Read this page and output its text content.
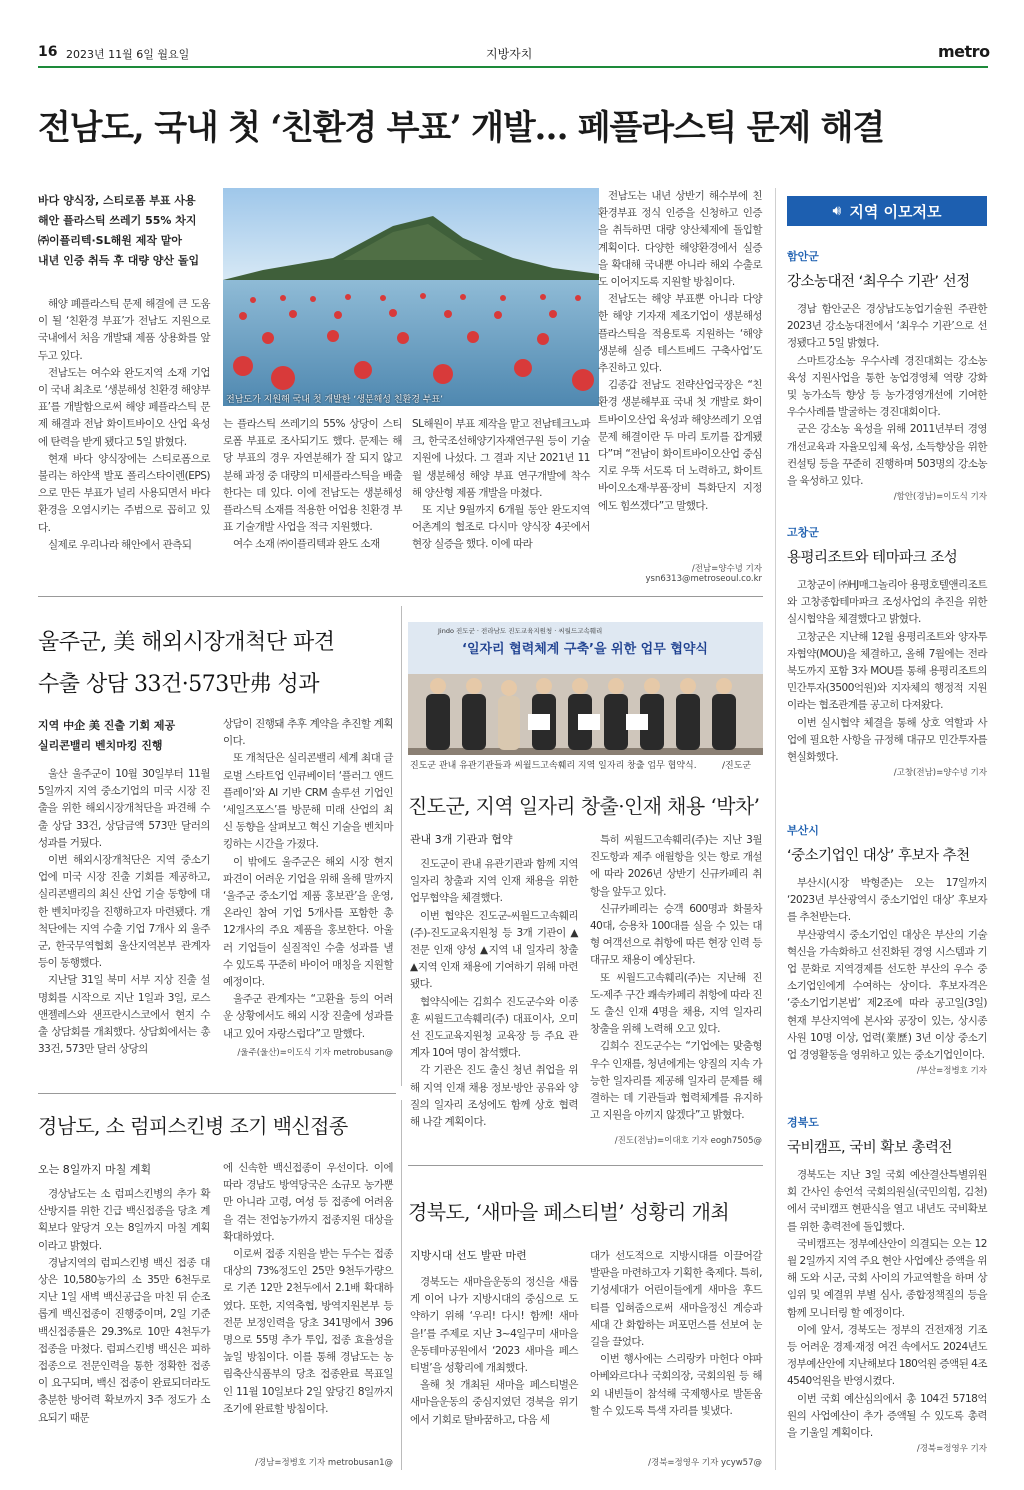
16 2023년 11월 6일 월요일	지방자치	metro
전남도, 국내 첫 ‘친환경 부표’ 개발… 페플라스틱 문제 해결
바다 양식장, 스티로폼 부표 사용
해안 플라스틱 쓰레기 55% 차지
㈜이플리텍·SL해원 제작 맡아
내년 인증 취득 후 대량 양산 돌입

해양 폐플라스틱 문제 해결에 큰 도움이 될 ‘친환경 부표’가 전남도 지원으로 국내에서 처음 개발돼 제품 상용화를 앞두고 있다.

전남도는 여수와 완도지역 소재 기업이 국내 최초로 ‘생분해성 친환경 해양부표’를 개발함으로써 해양 페플라스틱 문제 해결과 전남 화이트바이오 산업 육성에 탄력을 받게 됐다고 5일 밝혔다.

현재 바다 양식장에는 스티로폼으로 불리는 하얀색 발포 폴리스타이렌(EPS)으로 만든 부표가 널리 사용되면서 바다 환경을 오염시키는 주범으로 꼽히고 있다.

실제로 우리나라 해안에서 관측되

전남도가 지원해 국내 첫 개발한 ‘생분해성 친환경 부표’

는 플라스틱 쓰레기의 55% 상당이 스티로폼 부표로 조사되기도 했다. 문제는 해당 부표의 경우 자연분해가 잘 되지 않고 분해 과정 중 대량의 미세플라스틱을 배출한다는 데 있다. 이에 전남도는 생분해성 플라스틱 소재를 적용한 어업용 친환경 부표 기술개발 사업을 적극 지원했다.

여수 소재 ㈜이플리텍과 완도 소재

SL해원이 부표 제작을 맡고 전남테크노파크, 한국조선해양기자재연구원 등이 기술 지원에 나섰다. 그 결과 지난 2021년 11월 생분해성 해양 부표 연구개발에 착수해 양산형 제품 개발을 마쳤다.

또 지난 9월까지 6개월 동안 완도지역 어촌계의 협조로 다시마 양식장 4곳에서 현장 실증을 했다. 이에 따라

전남도는 내년 상반기 해수부에 친환경부표 정식 인증을 신청하고 인증을 취득하면 대량 양산체제에 돌입할 계획이다. 다양한 해양환경에서 실증을 확대해 국내뿐 아니라 해외 수출로도 이어지도록 지원할 방침이다.

전남도는 해양 부표뿐 아니라 다양한 해양 기자재 제조기업이 생분해성 플라스틱을 적용토록 지원하는 ‘해양생분해 실증 테스트베드 구축사업’도 추진하고 있다.

김종갑 전남도 전략산업국장은 “친환경 생분해부표 국내 첫 개발로 화이트바이오산업 육성과 해양쓰레기 오염 문제 해결이란 두 마리 토끼를 잡게됐다”며 “전남이 화이트바이오산업 중심지로 우뚝 서도록 더 노력하고, 화이트바이오소재·부품·장비 특화단지 지정에도 힘쓰겠다”고 말했다.

/전남=양수녕 기자 ysn6313@metroseoul.co.kr
울주군, 美 해외시장개척단 파견
수출 상담 33건·573만弗 성과
지역 中企 美 진출 기회 제공
실리콘밸리 벤치마킹 진행

울산 울주군이 10월 30일부터 11월 5일까지 지역 중소기업의 미국 시장 진출을 위한 해외시장개척단을 파견해 수출 상담 33건, 상담금액 573만 달러의 성과를 거뒀다.

이번 해외시장개척단은 지역 중소기업에 미국 시장 진출 기회를 제공하고, 실리콘밸리의 최신 산업 기술 동향에 대한 벤치마킹을 진행하고자 마련됐다. 개척단에는 지역 수출 기업 7개사 외 울주군, 한국무역협회 울산지역본부 관계자 등이 동행했다.

지난달 31일 북미 서부 지상 진출 설명회를 시작으로 지난 1일과 3일, 로스앤젤레스와 샌프란시스코에서 현지 수출 상담회를 개최했다. 상담회에서는 총 33건, 573만 달러 상당의

상담이 진행돼 추후 계약을 추진할 계획이다.

또 개척단은 실리콘밸리 세계 최대 글로벌 스타트업 인큐베이터 ‘플러그 앤드 플레이’와 AI 기반 CRM 솔루션 기업인 ‘세일즈포스’를 방문해 미래 산업의 최신 동향을 살펴보고 혁신 기술을 벤치마킹하는 시간을 가졌다.

이 밖에도 울주군은 해외 시장 현지 파견이 어려운 기업을 위해 올해 말까지 ‘울주군 중소기업 제품 홍보관’을 운영, 온라인 참여 기업 5개사를 포함한 총 12개사의 주요 제품을 홍보한다. 아울러 기업들이 실질적인 수출 성과를 낼 수 있도록 꾸준히 바이어 매칭을 지원할 예정이다.

울주군 관계자는 “고환율 등의 어려운 상황에서도 해외 시장 진출에 성과를 내고 있어 자랑스럽다”고 말했다.

/울주(울산)=이도식 기자 metrobusan@
Jindo 진도군 · 전라남도 진도교육지원청 · 씨월드고속훼리
‘일자리 협력체계 구축’을 위한 업무 협약식
진도군 관내 유관기관들과 씨월드고속훼리 지역 일자리 창출 업무 협약식.	/진도군
진도군, 지역 일자리 창출·인재 채용 ‘박차’
관내 3개 기관과 협약

진도군이 관내 유관기관과 함께 지역 일자리 창출과 지역 인재 채용을 위한 업무협약을 체결했다.

이번 협약은 진도군-씨월드고속훼리(주)-진도교육지원청 등 3개 기관이 ▲전문 인재 양성 ▲지역 내 일자리 창출 ▲지역 인재 채용에 기여하기 위해 마련됐다.

협약식에는 김희수 진도군수와 이종훈 씨월드고속훼리(주) 대표이사, 오미선 진도교육지원청 교육장 등 주요 관계자 10여 명이 참석했다.

각 기관은 진도 출신 청년 취업을 위해 지역 인재 채용 정보·방안 공유와 양질의 일자리 조성에도 함께 상호 협력해 나갈 계획이다.

특히 씨월드고속훼리(주)는 지난 3월 진도항과 제주 애월항을 잇는 항로 개설에 따라 2026년 상반기 신규카페리 취항을 앞두고 있다.

신규카페리는 승객 600명과 화물차 40대, 승용차 100대를 실을 수 있는 대형 여객선으로 취항에 따른 현장 인력 등 대규모 채용이 예상된다.

또 씨월드고속훼리(주)는 지난해 진도-제주 구간 쾌속카페리 취항에 따라 진도 출신 인재 4명을 채용, 지역 일자리 창출을 위해 노력해 오고 있다.

김희수 진도군수는 “기업에는 맞춤형 우수 인재를, 청년에게는 양질의 지속 가능한 일자리를 제공해 일자리 문제를 해결하는 데 기관들과 협력체계를 유지하고 지원을 아끼지 않겠다”고 밝혔다.

/진도(전남)=이대호 기자 eogh7505@
경남도, 소 럼피스킨병 조기 백신접종
오는 8일까지 마칠 계획

경상남도는 소 럼피스킨병의 추가 확산방지를 위한 긴급 백신접종을 당초 계획보다 앞당겨 오는 8일까지 마칠 계획이라고 밝혔다.

경남지역의 럼피스킨병 백신 접종 대상은 10,580농가의 소 35만 6천두로 지난 1일 새벽 백신공급을 마친 뒤 순조롭게 백신접종이 진행중이며, 2일 기준 백신접종률은 29.3%로 10만 4천두가 접종을 마쳤다. 럼피스킨병 백신은 피하접종으로 전문인력을 통한 정확한 접종이 요구되며, 백신 접종이 완료되더라도 충분한 방어력 확보까지 3주 정도가 소요되기 때문

에 신속한 백신접종이 우선이다. 이에 따라 경남도 방역당국은 소규모 농가뿐만 아니라 고령, 여성 등 접종에 어려움을 겪는 전업농가까지 접종지원 대상을 확대하였다.

이로써 접종 지원을 받는 두수는 접종대상의 73%정도인 25만 9천두가량으로 기존 12만 2천두에서 2.1배 확대하였다. 또한, 지역축협, 방역지원본부 등 전문 보정인력을 당초 341명에서 396명으로 55명 추가 투입, 접종 효율성을 높일 방침이다. 이를 통해 경남도는 농림축산식품부의 당초 접종완료 목표일인 11월 10일보다 2일 앞당긴 8일까지 조기에 완료할 방침이다.

/경남=정병호 기자 metrobusan1@
경북도, ‘새마을 페스티벌’ 성황리 개최
지방시대 선도 발판 마련

경북도는 새마을운동의 정신을 새롭게 이어 나가 지방시대의 중심으로 도약하기 위해 ‘우리! 다시! 함께! 새마을!’를 주제로 지난 3~4일구미 새마을운동테마공원에서 ‘2023 새마을 페스티벌’을 성황리에 개최했다.

올해 첫 개최된 새마을 페스티벌은 새마을운동의 중심지였던 경북을 위기에서 기회로 탈바꿈하고, 다음 세

대가 선도적으로 지방시대를 이끌어갈 발판을 마련하고자 기획한 축제다. 특히, 기성세대가 어린이들에게 새마을 후드티를 입혀줌으로써 새마을정신 계승과 세대 간 화합하는 퍼포먼스를 선보여 눈길을 끌었다.

이번 행사에는 스리랑카 마헌다 야파 아베와르다나 국회의장, 국회의원 등 해외 내빈들이 참석해 국제행사로 발돋움할 수 있도록 특색 자리를 빛냈다.

/경북=정영우 기자 ycyw57@
🔊︎ 지역 이모저모
함안군
강소농대전 ‘최우수 기관’ 선정

경남 함안군은 경상남도농업기술원 주관한 2023년 강소농대전에서 ‘최우수 기관’으로 선정됐다고 5일 밝혔다.

스마트강소농 우수사례 경진대회는 강소농 육성 지원사업을 통한 농업경영체 역량 강화 및 농가소득 향상 등 농가경영개선에 기여한 우수사례를 발굴하는 경진대회이다.

군은 강소농 육성을 위해 2011년부터 경영개선교육과 자율모임체 육성, 소득향상을 위한 컨설팅 등을 꾸준히 진행하며 503명의 강소농을 육성하고 있다.

/함안(경남)=이도식 기자
고창군
용평리조트와 테마파크 조성

고창군이 ㈜HJ매그놀리아 용평호텔앤리조트와 고창종합테마파크 조성사업의 추진을 위한 실시협약을 체결했다고 밝혔다.

고창군은 지난해 12월 용평리조트와 양자투자협약(MOU)을 체결하고, 올해 7월에는 전라북도까지 포함 3자 MOU를 통해 용평리조트의 민간투자(3500억원)와 지자체의 행정적 지원이라는 협조관계를 공고히 다져왔다.

이번 실시협약 체결을 통해 상호 역할과 사업에 필요한 사항을 규정해 대규모 민간투자를 현실화했다.

/고창(전남)=양수녕 기자
부산시
‘중소기업인 대상’ 후보자 추천

부산시(시장 박형준)는 오는 17일까지 ‘2023년 부산광역시 중소기업인 대상’ 후보자를 추천받는다.

부산광역시 중소기업인 대상은 부산의 기술혁신을 가속화하고 선진화된 경영 시스템과 기업 문화로 지역경제를 선도한 부산의 우수 중소기업인에게 수여하는 상이다. 후보자격은 ‘중소기업기본법’ 제2조에 따라 공고일(3일) 현재 부산지역에 본사와 공장이 있는, 상시종사원 10명 이상, 업력(業歷) 3년 이상 중소기업 경영활동을 영위하고 있는 중소기업인이다.

/부산=정병호 기자
경북도
국비캠프, 국비 확보 총력전

경북도는 지난 3일 국회 예산결산특별위원회 간사인 송언석 국회의원실(국민의힘, 김천)에서 국비캠프 현판식을 열고 내년도 국비확보를 위한 총력전에 돌입했다.

국비캠프는 정부예산안이 의결되는 오는 12월 2일까지 지역 주요 현안 사업예산 증액을 위해 도와 시군, 국회 사이의 가교역할을 하며 상임위 및 예결위 부별 심사, 종합정책질의 등을 함께 모니터링 할 예정이다.

이에 앞서, 경북도는 정부의 건전재정 기조 등 어려운 경제·재정 여건 속에서도 2024년도 정부예산안에 지난해보다 180억원 증액된 4조 4540억원을 반영시켰다.

이번 국회 예산심의에서 총 104건 5718억원의 사업예산이 추가 증액될 수 있도록 총력을 기울일 계획이다.

/경북=정영우 기자
